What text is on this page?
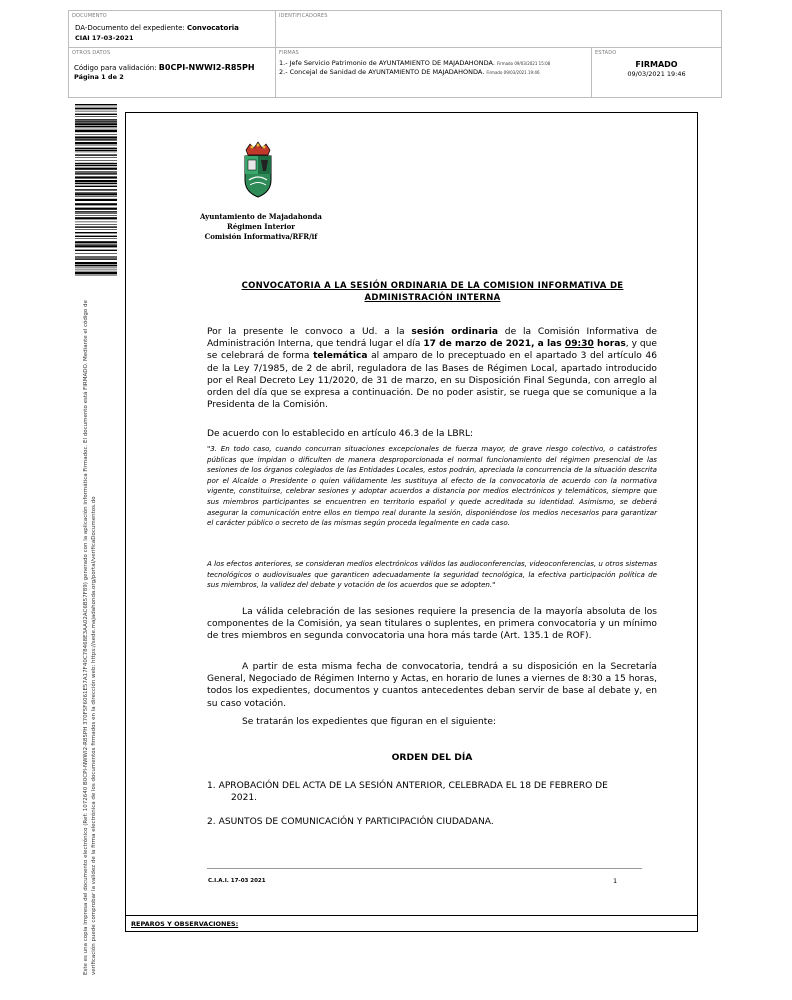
DOCUMENTO
DA-Documento del expediente: Convocatoria
CIAI 17-03-2021
IDENTIFICADORES
OTROS DATOS
Código para validación: B0CPI-NWWI2-R85PH
Página 1 de 2
FIRMAS
1.- Jefe Servicio Patrimonio de AYUNTAMIENTO DE MAJADAHONDA. Firmado 09/03/2021 15:08
2.- Concejal de Sanidad de AYUNTAMIENTO DE MAJADAHONDA. Firmado 09/03/2021 19:46
ESTADO
FIRMADO
09/03/2021 19:46
Este es una copia impresa del documento electrónico (Ref: 1072640 B0CPI-NWWI2-R85PH 370F5F6061E57A17F40C78468E3AA02AC6B57F89) generado con la aplicación informática Firmadoc. El documento está FIRMADO. Mediante el código de verificación puede comprobar la validez de la firma electrónica de los documentos firmados en la dirección web: https://sede.majadahonda.org/portal/verificaDocumentos.do	REPAROS Y OBSERVACIONES:
Ayuntamiento de Majadahonda
Régimen Interior
Comisión Informativa/RFR/if
CONVOCATORIA A LA SESIÓN ORDINARIA DE LA COMISION INFORMATIVA DE
ADMINISTRACIÓN INTERNA
Por la presente le convoco a Ud. a la sesión ordinaria de la Comisión Informativa de Administración Interna, que tendrá lugar el día 17 de marzo de 2021, a las 09:30 horas, y que se celebrará de forma telemática al amparo de lo preceptuado en el apartado 3 del artículo 46 de la Ley 7/1985, de 2 de abril, reguladora de las Bases de Régimen Local, apartado introducido por el Real Decreto Ley 11/2020, de 31 de marzo, en su Disposición Final Segunda, con arreglo al orden del día que se expresa a continuación. De no poder asistir, se ruega que se comunique a la Presidenta de la Comisión.
De acuerdo con lo establecido en artículo 46.3 de la LBRL:
"3. En todo caso, cuando concurran situaciones excepcionales de fuerza mayor, de grave riesgo colectivo, o catástrofes públicas que impidan o dificulten de manera desproporcionada el normal funcionamiento del régimen presencial de las sesiones de los órganos colegiados de las Entidades Locales, estos podrán, apreciada la concurrencia de la situación descrita por el Alcalde o Presidente o quien válidamente les sustituya al efecto de la convocatoria de acuerdo con la normativa vigente, constituirse, celebrar sesiones y adoptar acuerdos a distancia por medios electrónicos y telemáticos, siempre que sus miembros participantes se encuentren en territorio español y quede acreditada su identidad. Asimismo, se deberá asegurar la comunicación entre ellos en tiempo real durante la sesión, disponiéndose los medios necesarios para garantizar el carácter público o secreto de las mismas según proceda legalmente en cada caso.
A los efectos anteriores, se consideran medios electrónicos válidos las audioconferencias, videoconferencias, u otros sistemas tecnológicos o audiovisuales que garanticen adecuadamente la seguridad tecnológica, la efectiva participación política de sus miembros, la validez del debate y votación de los acuerdos que se adopten."
La válida celebración de las sesiones requiere la presencia de la mayoría absoluta de los componentes de la Comisión, ya sean titulares o suplentes, en primera convocatoria y un mínimo de tres miembros en segunda convocatoria una hora más tarde (Art. 135.1 de ROF).
A partir de esta misma fecha de convocatoria, tendrá a su disposición en la Secretaría General, Negociado de Régimen Interno y Actas, en horario de lunes a viernes de 8:30 a 15 horas, todos los expedientes, documentos y cuantos antecedentes deban servir de base al debate y, en su caso votación.
Se tratarán los expedientes que figuran en el siguiente:
ORDEN DEL DÍA
1. APROBACIÓN DEL ACTA DE LA SESIÓN ANTERIOR, CELEBRADA EL 18 DE FEBRERO DE
2021.
2. ASUNTOS DE COMUNICACIÓN Y PARTICIPACIÓN CIUDADANA.
C.I.A.I. 17-03 2021	1
